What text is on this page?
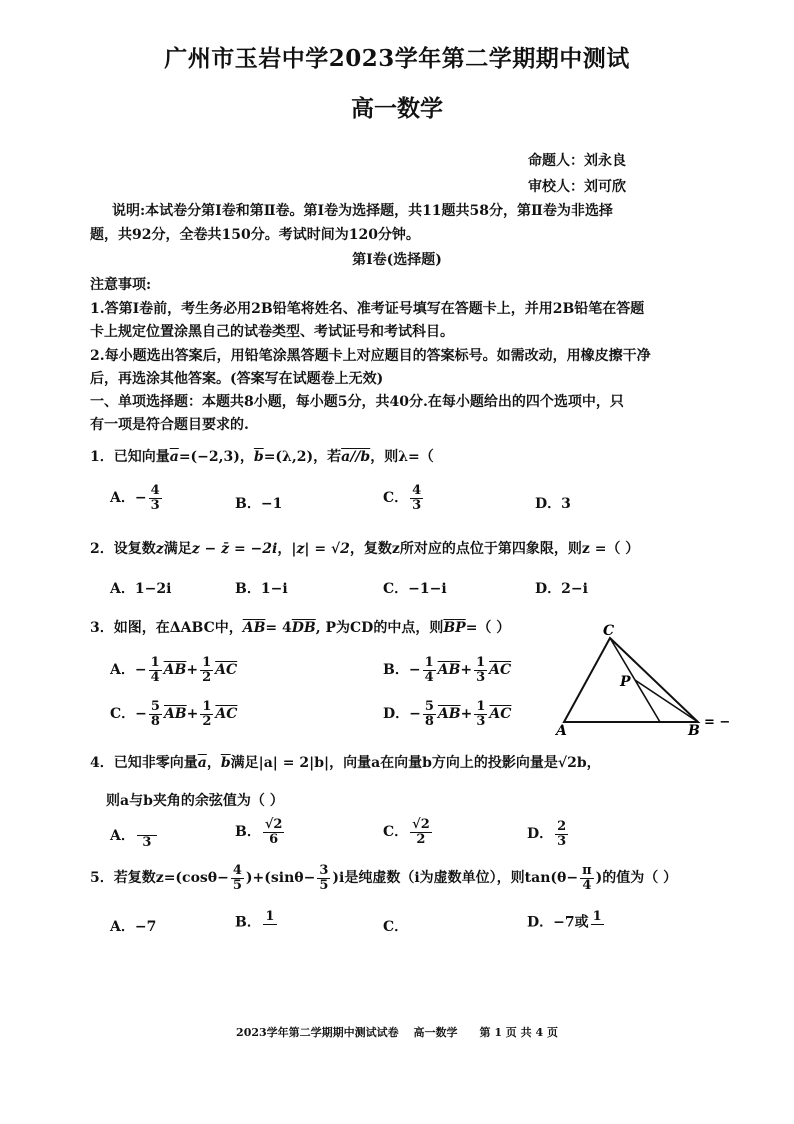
广州市玉岩中学2023学年第二学期期中测试
高一数学
命题人：刘永良
审校人：刘可欣
说明:本试卷分第Ⅰ卷和第Ⅱ卷。第Ⅰ卷为选择题，共11题共58分，第Ⅱ卷为非选择
题，共92分，全卷共150分。考试时间为120分钟。
第Ⅰ卷(选择题)
注意事项:
1.答第Ⅰ卷前，考生务必用2B铅笔将姓名、准考证号填写在答题卡上，并用2B铅笔在答题
卡上规定位置涂黑自己的试卷类型、考试证号和考试科目。
2.每小题选出答案后，用铅笔涂黑答题卡上对应题目的答案标号。如需改动，用橡皮擦干净
后，再选涂其他答案。(答案写在试题卷上无效)
一、单项选择题：本题共8小题，每小题5分，共40分.在每小题给出的四个选项中，只
有一项是符合题目要求的.
1．已知向量$\overline{a}=(-2,3)$，$\overline{b}=(\lambda,2)$，若a//b，则λ=（
A．− $\frac{4}{3}$	B．−1	C． $\frac{4}{3}$	D．3
2．设复数z满足z − z̄ = −2i，|z| = √2，复数z所对应的点位于第四象限，则z =（ ）
A．1−2i	B．1−i	C．−1−i	D．2−i
3．如图，在ΔABC中，$\overline{AB}= 4\overline{DB}$, P为CD的中点，则$\overline{BP}=$（ ）
A．− $\frac{1}{4} \overline{AB}+ \frac{1}{2} \overline{AC}$	B．− $\frac{1}{4} \overline{AB}+ \frac{1}{3} \overline{AC}$
C．− $\frac{5}{8} \overline{AB}+ \frac{1}{2} \overline{AC}$	D．− $\frac{5}{8} \overline{AB}+ \frac{1}{3} \overline{AC}$
C
P
A	B
= −
4．已知非零向量$\overline{a}$，$\overline{b}$满足|a| = 2|b|，向量a在向量b方向上的投影向量是√2b，
则a与b夹角的余弦值为（ ）
A． 3
B． $\frac{√2}{6}$	C． $\frac{√2}{2}$	D． $\frac{2}{3}$
5．若复数$z=(\cos\theta- \frac{4}{5} )+(\sin\theta- \frac{3}{5} )i$是纯虚数（i为虚数单位），则$\tan(\theta- \frac{\pi}{4}$ )的值为（ ）
A．−7	B． 1
C．	D．−7或 1
2023学年第二学期期中测试试卷　 高一数学　　第 1 页 共 4 页
